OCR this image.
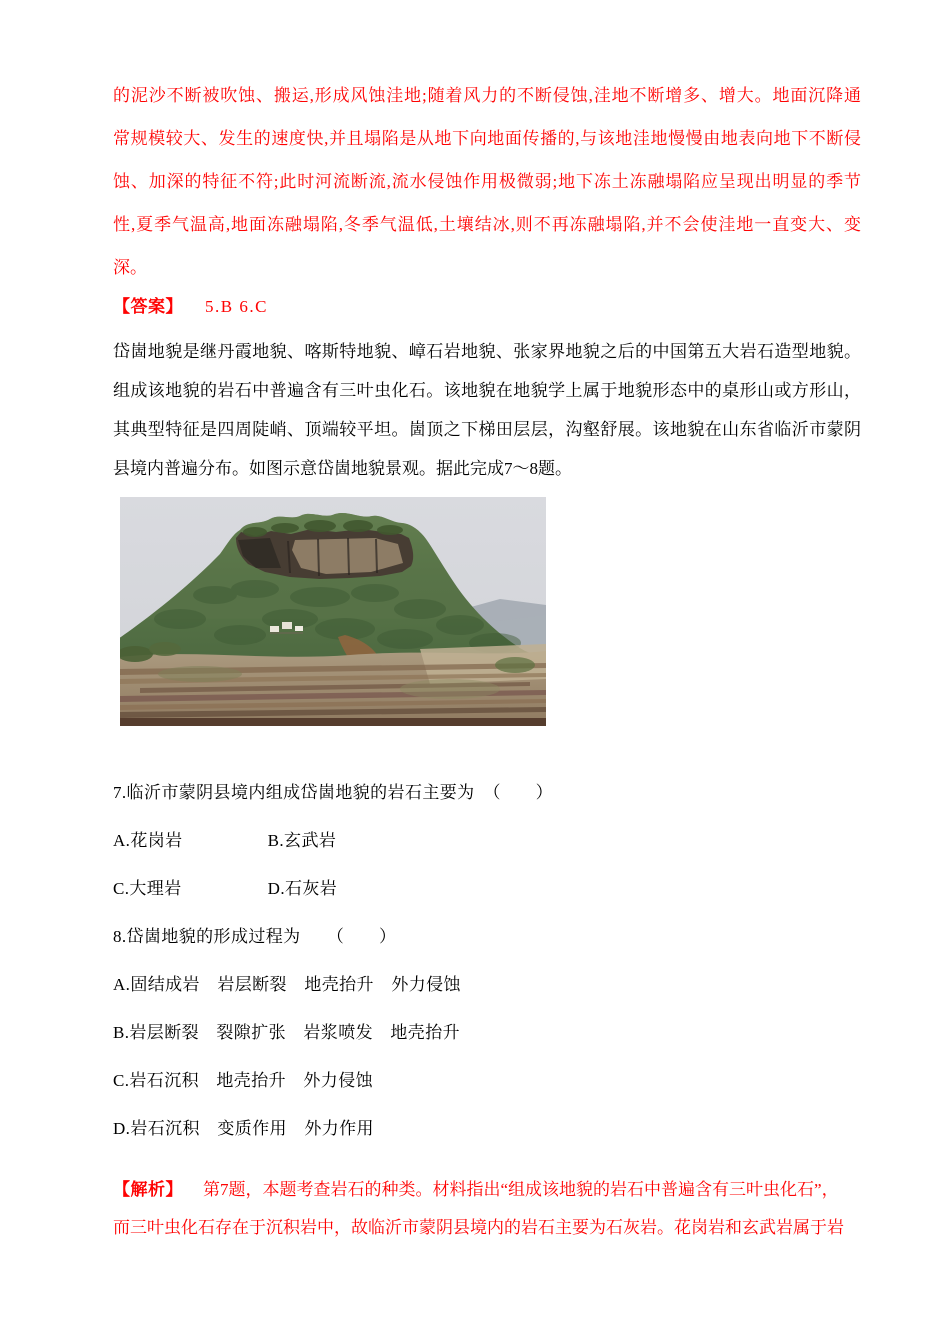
的泥沙不断被吹蚀、搬运,形成风蚀洼地;随着风力的不断侵蚀,洼地不断增多、增大。地面沉降通
常规模较大、发生的速度快,并且塌陷是从地下向地面传播的,与该地洼地慢慢由地表向地下不断侵
蚀、加深的特征不符;此时河流断流,流水侵蚀作用极微弱;地下冻土冻融塌陷应呈现出明显的季节
性,夏季气温高,地面冻融塌陷,冬季气温低,土壤结冰,则不再冻融塌陷,并不会使洼地一直变大、变
深。
【答案】 5.B 6.C
岱崮地貌是继丹霞地貌、喀斯特地貌、嶂石岩地貌、张家界地貌之后的中国第五大岩石造型地貌。
组成该地貌的岩石中普遍含有三叶虫化石。该地貌在地貌学上属于地貌形态中的桌形山或方形山，
其典型特征是四周陡峭、顶端较平坦。崮顶之下梯田层层，沟壑舒展。该地貌在山东省临沂市蒙阴
县境内普遍分布。如图示意岱崮地貌景观。据此完成7～8题。
7.临沂市蒙阴县境内组成岱崮地貌的岩石主要为　（　　）
A.花岗岩	B.玄武岩
C.大理岩	D.石灰岩
8.岱崮地貌的形成过程为　　（　　）
A.固结成岩　岩层断裂　地壳抬升　外力侵蚀
B.岩层断裂　裂隙扩张　岩浆喷发　地壳抬升
C.岩石沉积　地壳抬升　外力侵蚀
D.岩石沉积　变质作用　外力作用
【解析】 第7题，本题考查岩石的种类。材料指出“组成该地貌的岩石中普遍含有三叶虫化石”，
而三叶虫化石存在于沉积岩中，故临沂市蒙阴县境内的岩石主要为石灰岩。花岗岩和玄武岩属于岩
